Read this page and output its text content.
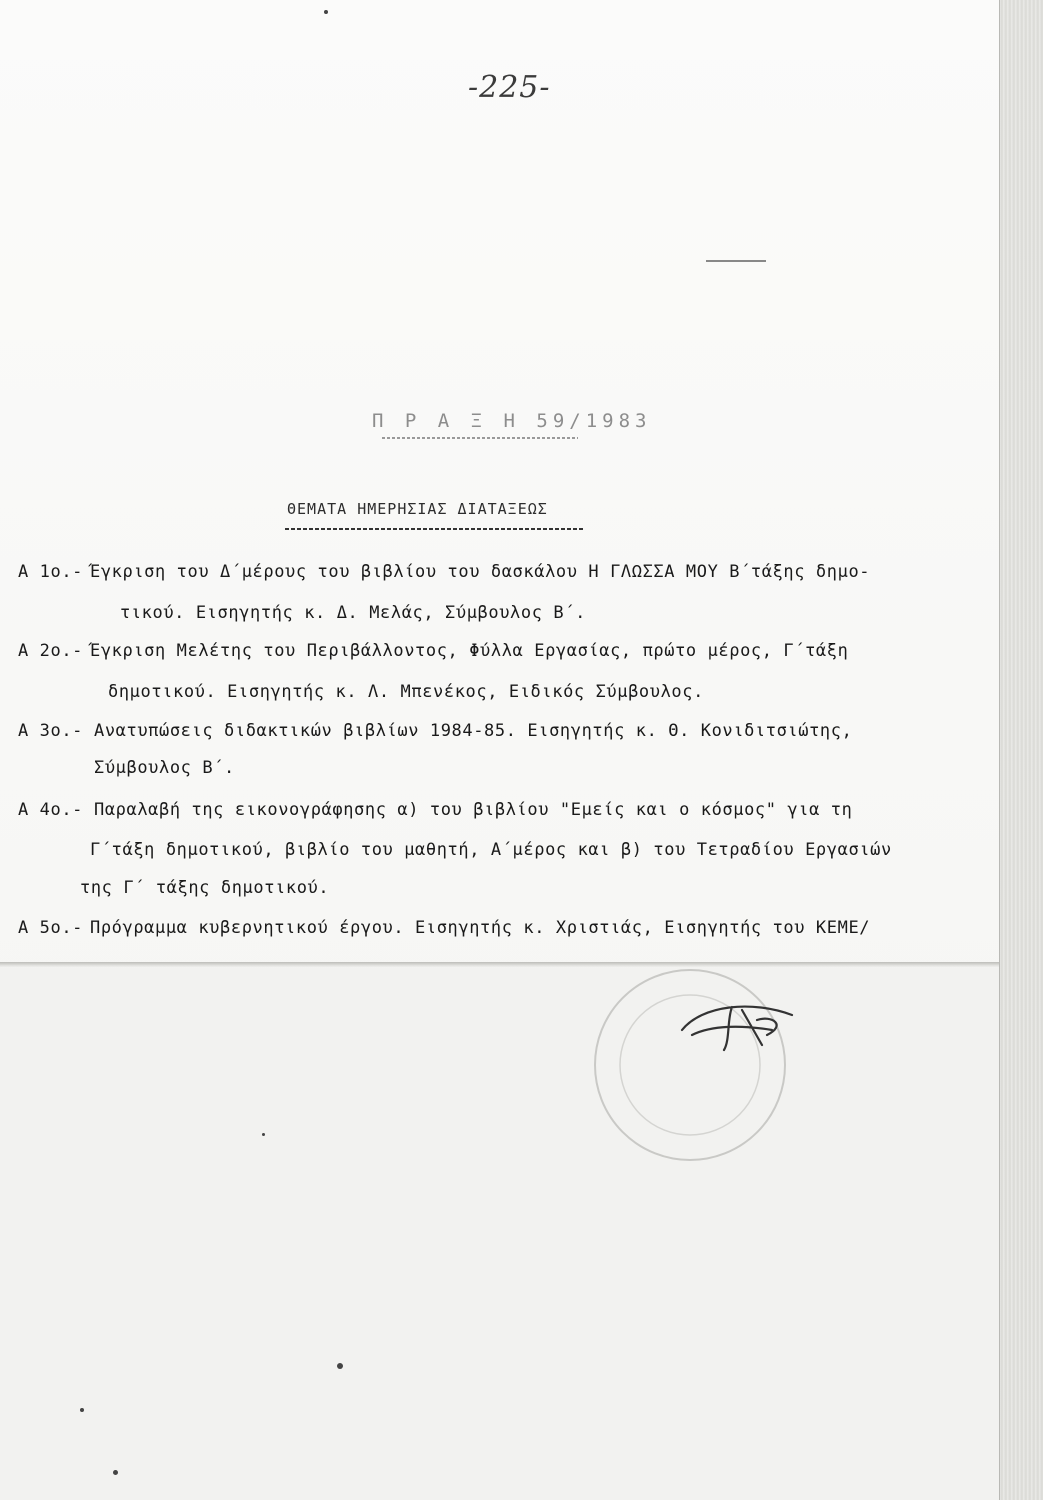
-225-
Π Ρ Α Ξ Η 59/1983
ΘΕΜΑΤΑ ΗΜΕΡΗΣΙΑΣ ΔΙΑΤΑΞΕΩΣ
Α 1ο.- Έγκριση του Δ΄μέρους του βιβλίου του δασκάλου Η ΓΛΩΣΣΑ ΜΟΥ Β΄τάξης δημο-
τικού. Εισηγητής κ. Δ. Μελάς, Σύμβουλος Β΄.
Α 2ο.- Έγκριση Μελέτης του Περιβάλλοντος, Φύλλα Εργασίας, πρώτο μέρος, Γ΄τάξη
δημοτικού. Εισηγητής κ. Λ. Μπενέκος, Ειδικός Σύμβουλος.
Α 3ο.- Ανατυπώσεις διδακτικών βιβλίων 1984-85. Εισηγητής κ. Θ. Κονιδιτσιώτης,
Σύμβουλος Β΄.
Α 4ο.- Παραλαβή της εικονογράφησης α) του βιβλίου "Εμείς και ο κόσμος" για τη
Γ΄τάξη δημοτικού, βιβλίο του μαθητή, Α΄μέρος και β) του Τετραδίου Εργασιών
της Γ΄ τάξης δημοτικού.
Α 5ο.- Πρόγραμμα κυβερνητικού έργου. Εισηγητής κ. Χριστιάς, Εισηγητής του ΚΕΜΕ/
